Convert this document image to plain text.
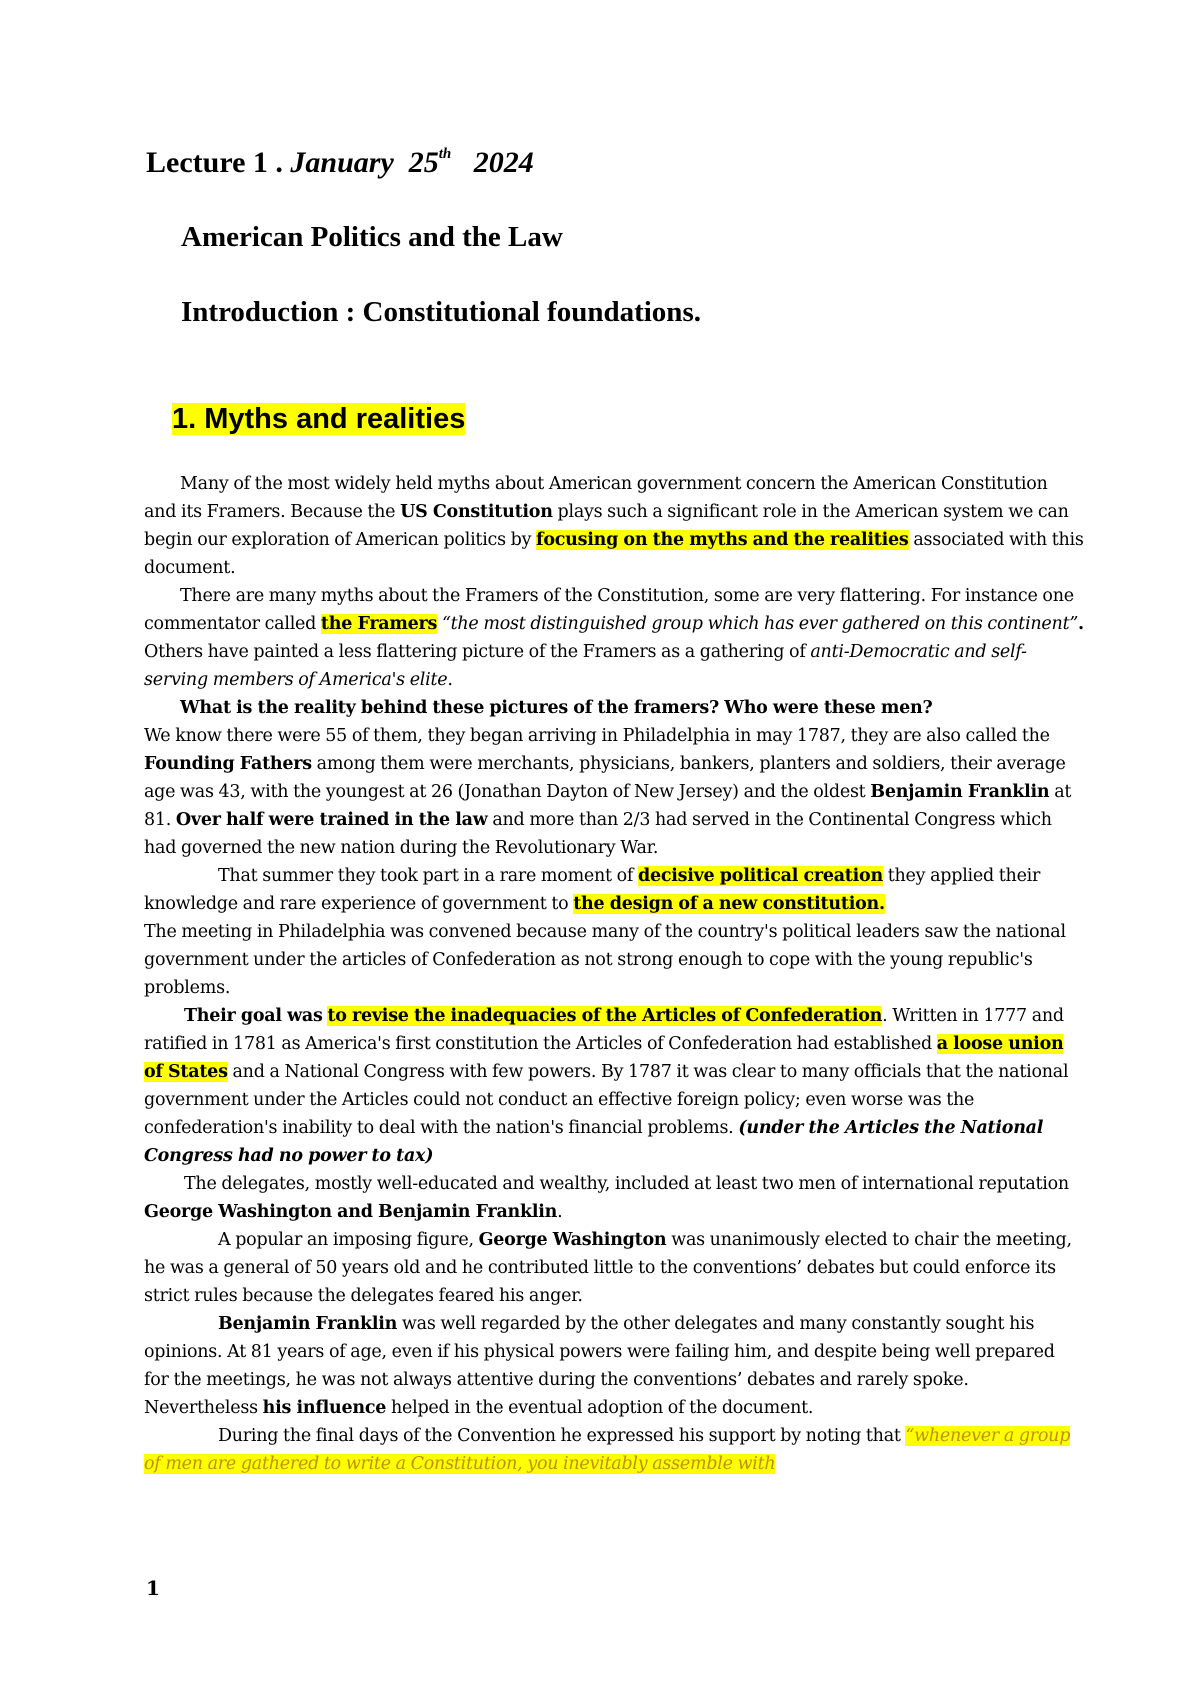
Lecture 1 . January 25th 2024
American Politics and the Law
Introduction : Constitutional foundations.
1. Myths and realities

Many of the most widely held myths about American government concern the American Constitution and its Framers. Because the US Constitution plays such a significant role in the American system we can begin our exploration of American politics by focusing on the myths and the realities associated with this document.

There are many myths about the Framers of the Constitution, some are very flattering. For instance one commentator called the Framers “the most distinguished group which has ever gathered on this continent”. Others have painted a less flattering picture of the Framers as a gathering of anti-Democratic and self-serving members of America's elite.

What is the reality behind these pictures of the framers? Who were these men?

We know there were 55 of them, they began arriving in Philadelphia in may 1787, they are also called the Founding Fathers among them were merchants, physicians, bankers, planters and soldiers, their average age was 43, with the youngest at 26 (Jonathan Dayton of New Jersey) and the oldest Benjamin Franklin at 81. Over half were trained in the law and more than 2/3 had served in the Continental Congress which had governed the new nation during the Revolutionary War.

That summer they took part in a rare moment of decisive political creation they applied their knowledge and rare experience of government to the design of a new constitution.

The meeting in Philadelphia was convened because many of the country's political leaders saw the national government under the articles of Confederation as not strong enough to cope with the young republic's problems.

Their goal was to revise the inadequacies of the Articles of Confederation. Written in 1777 and ratified in 1781 as America's first constitution the Articles of Confederation had established a loose union of States and a National Congress with few powers. By 1787 it was clear to many officials that the national government under the Articles could not conduct an effective foreign policy; even worse was the confederation's inability to deal with the nation's financial problems. (under the Articles the National Congress had no power to tax)

The delegates, mostly well-educated and wealthy, included at least two men of international reputation George Washington and Benjamin Franklin.

A popular an imposing figure, George Washington was unanimously elected to chair the meeting, he was a general of 50 years old and he contributed little to the conventions’ debates but could enforce its strict rules because the delegates feared his anger.

Benjamin Franklin was well regarded by the other delegates and many constantly sought his opinions. At 81 years of age, even if his physical powers were failing him, and despite being well prepared for the meetings, he was not always attentive during the conventions’ debates and rarely spoke. Nevertheless his influence helped in the eventual adoption of the document.

During the final days of the Convention he expressed his support by noting that “whenever a group of men are gathered to write a Constitution, you inevitably assemble with

1
